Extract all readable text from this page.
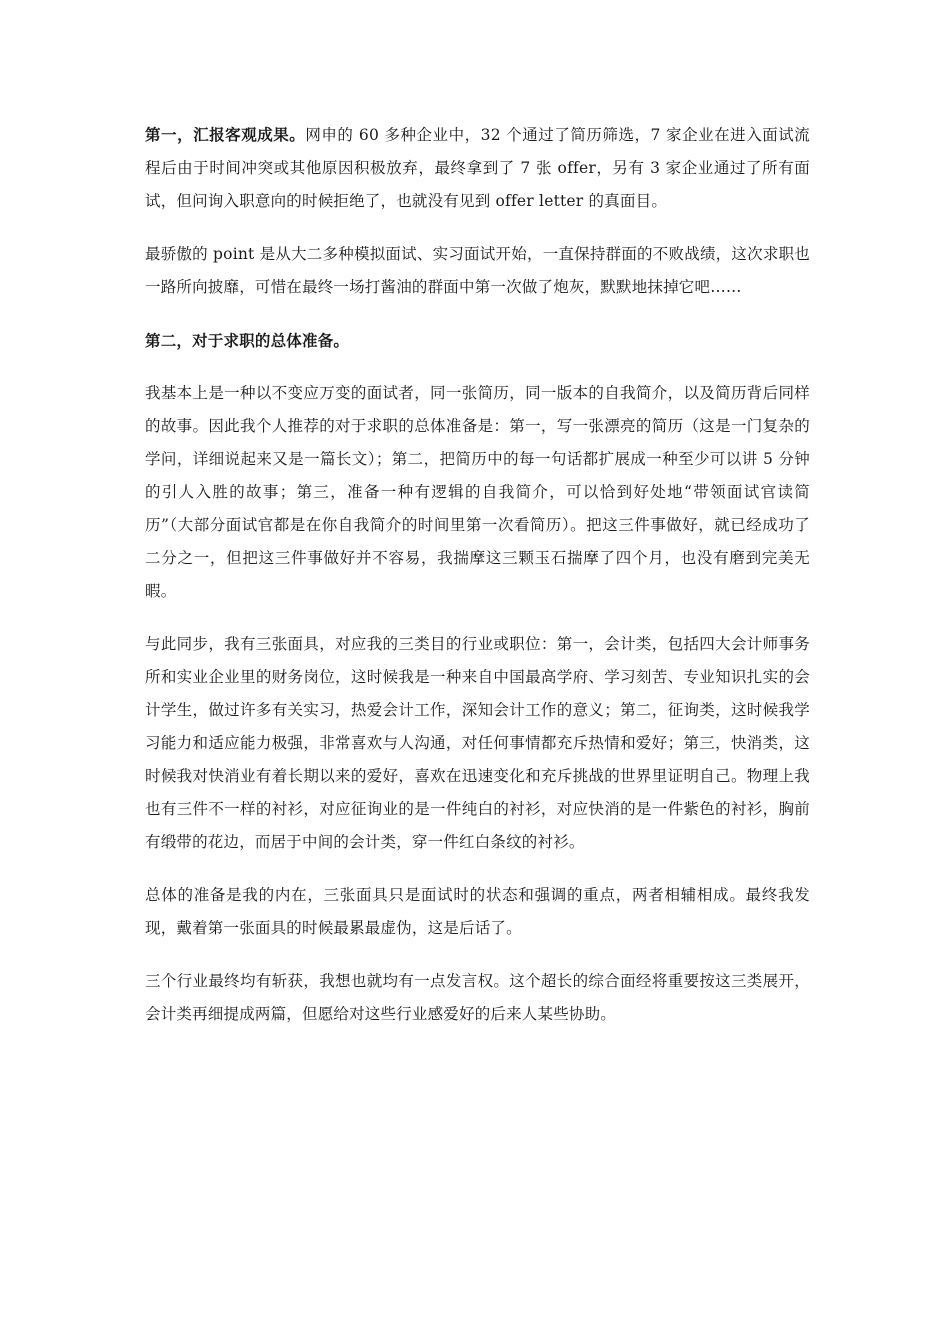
第一，汇报客观成果。网申的 60 多种企业中，32 个通过了简历筛选，7 家企业在进入面试流程后由于时间冲突或其他原因积极放弃，最终拿到了 7 张 offer，另有 3 家企业通过了所有面试，但问询入职意向的时候拒绝了，也就没有见到 offer letter 的真面目。

最骄傲的 point 是从大二多种模拟面试、实习面试开始，一直保持群面的不败战绩，这次求职也一路所向披靡，可惜在最终一场打酱油的群面中第一次做了炮灰，默默地抹掉它吧……

第二，对于求职的总体准备。

我基本上是一种以不变应万变的面试者，同一张简历，同一版本的自我简介，以及简历背后同样的故事。因此我个人推荐的对于求职的总体准备是：第一，写一张漂亮的简历（这是一门复杂的学问，详细说起来又是一篇长文）；第二，把简历中的每一句话都扩展成一种至少可以讲 5 分钟的引人入胜的故事；第三，准备一种有逻辑的自我简介，可以恰到好处地“带领面试官读简历”（大部分面试官都是在你自我简介的时间里第一次看简历）。把这三件事做好，就已经成功了二分之一，但把这三件事做好并不容易，我揣摩这三颗玉石揣摩了四个月，也没有磨到完美无暇。

与此同步，我有三张面具，对应我的三类目的行业或职位：第一，会计类，包括四大会计师事务所和实业企业里的财务岗位，这时候我是一种来自中国最高学府、学习刻苦、专业知识扎实的会计学生，做过许多有关实习，热爱会计工作，深知会计工作的意义；第二，征询类，这时候我学习能力和适应能力极强，非常喜欢与人沟通，对任何事情都充斥热情和爱好；第三，快消类，这时候我对快消业有着长期以来的爱好，喜欢在迅速变化和充斥挑战的世界里证明自己。物理上我也有三件不一样的衬衫，对应征询业的是一件纯白的衬衫，对应快消的是一件紫色的衬衫，胸前有缎带的花边，而居于中间的会计类，穿一件红白条纹的衬衫。

总体的准备是我的内在，三张面具只是面试时的状态和强调的重点，两者相辅相成。最终我发现，戴着第一张面具的时候最累最虚伪，这是后话了。

三个行业最终均有斩获，我想也就均有一点发言权。这个超长的综合面经将重要按这三类展开，会计类再细提成两篇，但愿给对这些行业感爱好的后来人某些协助。
